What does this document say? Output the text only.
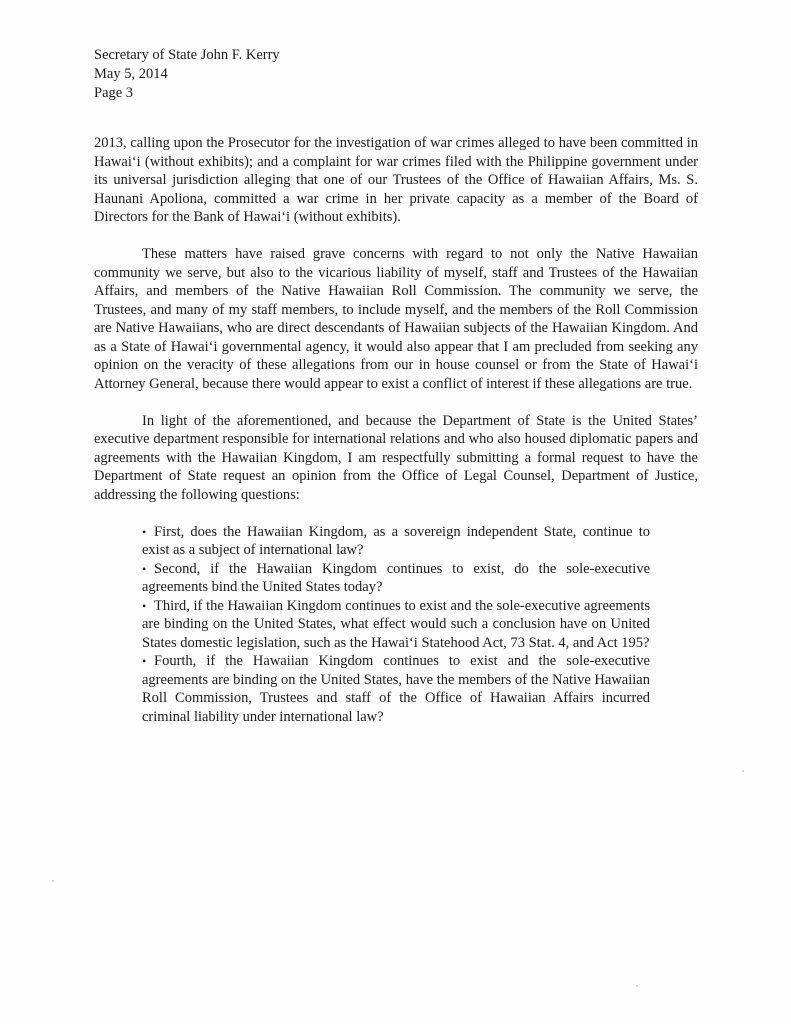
Secretary of State John F. Kerry
May 5, 2014
Page 3

2013, calling upon the Prosecutor for the investigation of war crimes alleged to have been committed in Hawai‘i (without exhibits); and a complaint for war crimes filed with the Philippine government under its universal jurisdiction alleging that one of our Trustees of the Office of Hawaiian Affairs, Ms. S. Haunani Apoliona, committed a war crime in her private capacity as a member of the Board of Directors for the Bank of Hawai‘i (without exhibits).

These matters have raised grave concerns with regard to not only the Native Hawaiian community we serve, but also to the vicarious liability of myself, staff and Trustees of the Hawaiian Affairs, and members of the Native Hawaiian Roll Commission. The community we serve, the Trustees, and many of my staff members, to include myself, and the members of the Roll Commission are Native Hawaiians, who are direct descendants of Hawaiian subjects of the Hawaiian Kingdom. And as a State of Hawai‘i governmental agency, it would also appear that I am precluded from seeking any opinion on the veracity of these allegations from our in house counsel or from the State of Hawai‘i Attorney General, because there would appear to exist a conflict of interest if these allegations are true.

In light of the aforementioned, and because the Department of State is the United States’ executive department responsible for international relations and who also housed diplomatic papers and agreements with the Hawaiian Kingdom, I am respectfully submitting a formal request to have the Department of State request an opinion from the Office of Legal Counsel, Department of Justice, addressing the following questions:

• First, does the Hawaiian Kingdom, as a sovereign independent State, continue to exist as a subject of international law?
• Second, if the Hawaiian Kingdom continues to exist, do the sole-executive agreements bind the United States today?
• Third, if the Hawaiian Kingdom continues to exist and the sole-executive agreements are binding on the United States, what effect would such a conclusion have on United States domestic legislation, such as the Hawai‘i Statehood Act, 73 Stat. 4, and Act 195?
• Fourth, if the Hawaiian Kingdom continues to exist and the sole-executive agreements are binding on the United States, have the members of the Native Hawaiian Roll Commission, Trustees and staff of the Office of Hawaiian Affairs incurred criminal liability under international law?
